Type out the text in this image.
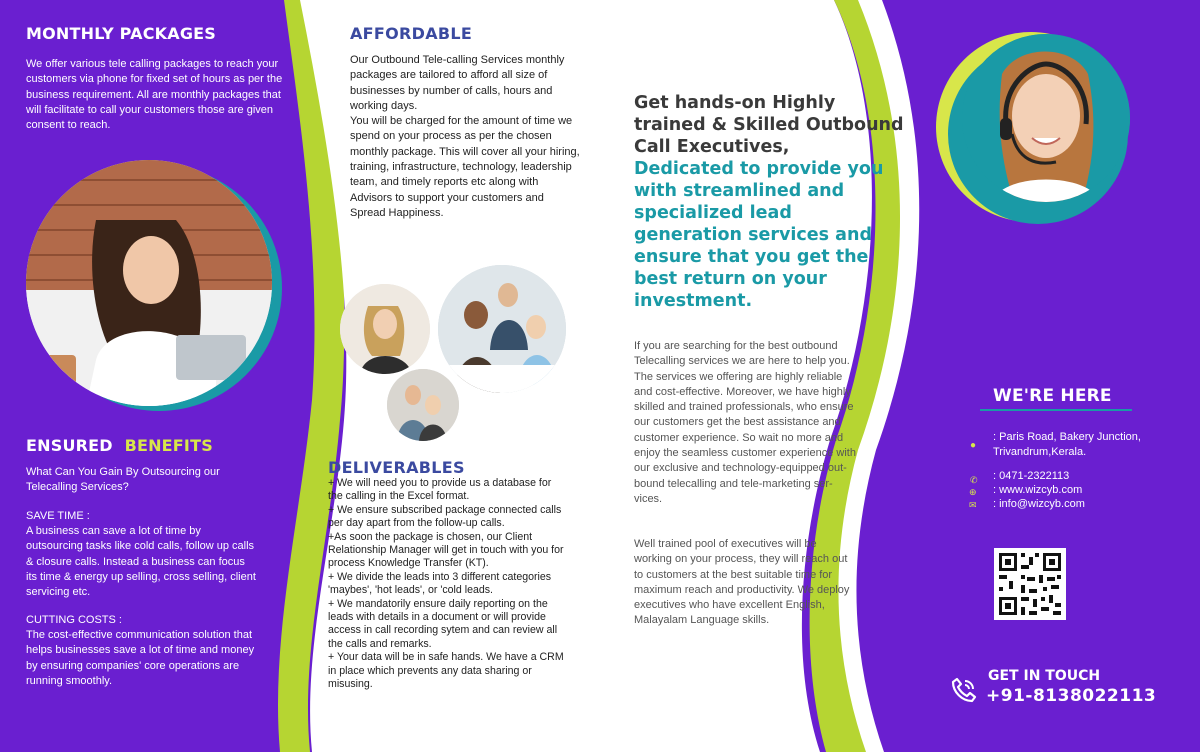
MONTHLY PACKAGES
We offer various tele calling packages to reach your customers via phone for fixed set of hours as per the business requirement. All are monthly packages that will facilitate to call your customers those are given consent to reach.
ENSURED BENEFITS
What Can You Gain By Outsourcing our Telecalling Services?
SAVE TIME :
A business can save a lot of time by outsourcing tasks like cold calls, follow up calls & closure calls. Instead a business can focus its time & energy up selling, cross selling, client servicing etc.
CUTTING COSTS :
The cost-effective communication solution that helps businesses save a lot of time and money by ensuring companies' core operations are running smoothly.
AFFORDABLE
Our Outbound Tele-calling Services monthly packages are tailored to afford all size of businesses by number of calls, hours and working days.
You will be charged for the amount of time we spend on your process as per the chosen monthly package. This will cover all your hiring, training, infrastructure, technology, leadership team, and timely reports etc along with Advisors to support your customers and Spread Happiness.
DELIVERABLES
+ We will need you to provide us a database for the calling in the Excel format.
+ We ensure subscribed package connected calls per day apart from the follow-up calls.
+As soon the package is chosen, our Client Relationship Manager will get in touch with you for process Knowledge Transfer (KT).
+ We divide the leads into 3 different categories 'maybes', 'hot leads', or 'cold leads.
+ We mandatorily ensure daily reporting on the leads with details in a document or will provide access in call recording sytem and can review all the calls and remarks.
+ Your data will be in safe hands. We have a CRM in place which prevents any data sharing or misusing.
Get hands-on Highly trained & Skilled Outbound Call Executives,
Dedicated to provide you with streamlined and specialized lead generation services and ensure that you get the best return on your investment.
If you are searching for the best outbound Telecalling services we are here to help you. The services we offering are highly reliable and cost-effective. Moreover, we have highly skilled and trained professionals, who ensure our customers get the best assistance and customer experience. So wait no more and enjoy the seamless customer experience with our exclusive and technology-equipped out-bound telecalling and tele-marketing ser-vices.
Well trained pool of executives will be working on your process, they will reach out to customers at the best suitable time for maximum reach and productivity. We deploy executives who have excellent English, Malayalam Language skills.
WE'RE HERE
●
: Paris Road, Bakery Junction,
Trivandrum,Kerala.
✆ : 0471-2322113
⊕ : www.wizcyb.com
✉ : info@wizcyb.com
GET IN TOUCH
+91-8138022113
